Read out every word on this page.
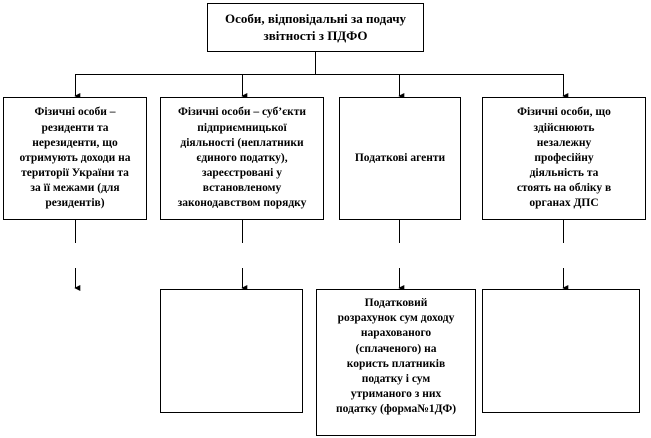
Особи, відповідальні за подачу
звітності з ПДФО
Фізичні особи –
резиденти та
нерезиденти, що
отримують доходи на
території України та
за її межами (для
резидентів)
Фізичні особи – суб’єкти
підприємницької
діяльності (неплатники
єдиного податку),
зареєстровані у
встановленому
законодавством порядку
Податкові агенти
Фізичні особи, що
здійснюють
незалежну
професійну
діяльність та
стоять на обліку в
органах ДПС
Податковий
розрахунок сум доходу
нарахованого
(сплаченого) на
користь платників
податку і сум
утриманого з них
податку (форма№1ДФ)
